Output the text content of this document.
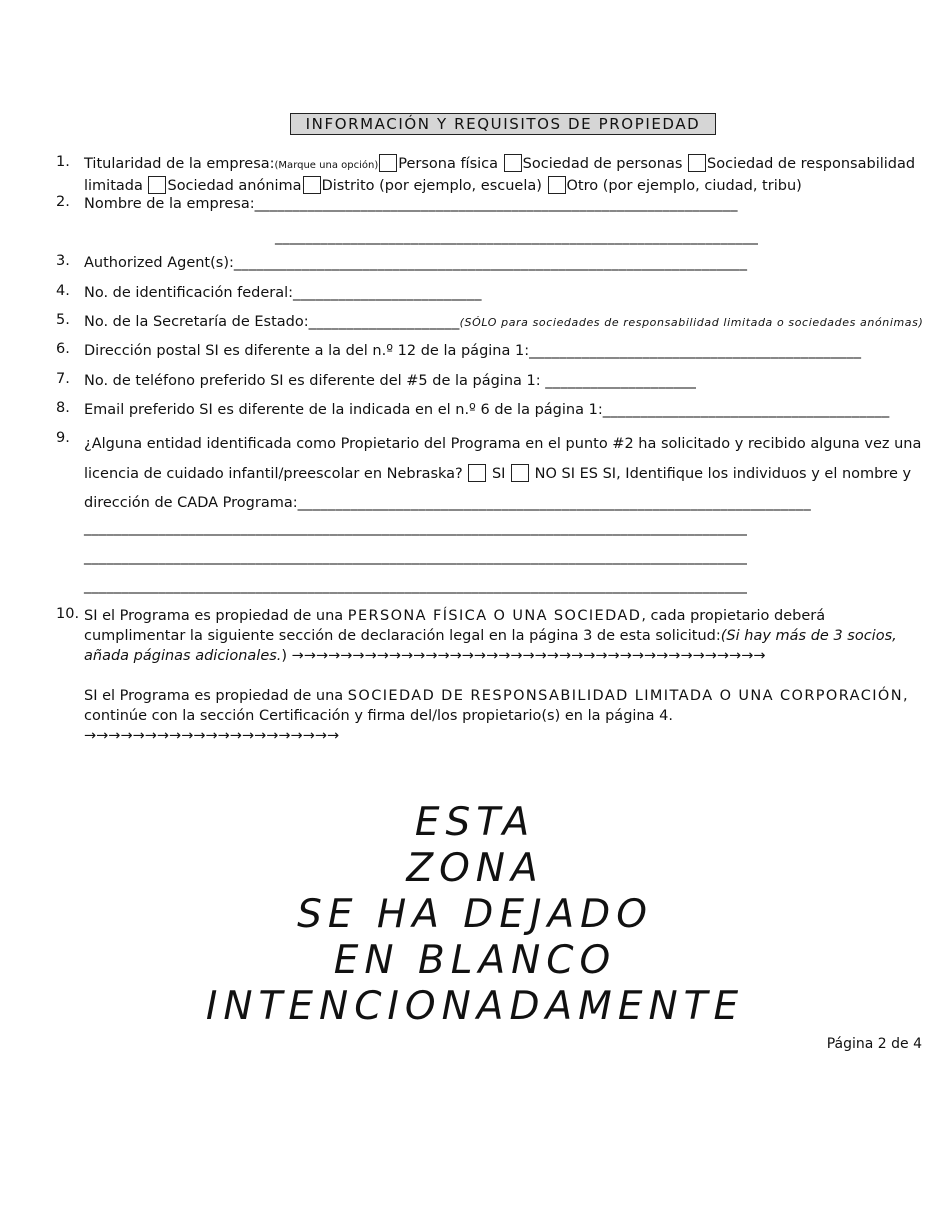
INFORMACIÓN Y REQUISITOS DE PROPIEDAD
1. Titularidad de la empresa:(Marque una opción) Persona física Sociedad de personas Sociedad de responsabilidad limitada Sociedad anónima Distrito (por ejemplo, escuela) Otro (por ejemplo, ciudad, tribu)
2. Nombre de la empresa:________________________________________________________________
________________________________________________________________
3. Authorized Agent(s):____________________________________________________________________
4. No. de identificación federal:_________________________
5. No. de la Secretaría de Estado:____________________(SÓLO para sociedades de responsabilidad limitada o sociedades anónimas)
6. Dirección postal SI es diferente a la del n.º 12 de la página 1:____________________________________________
7. No. de teléfono preferido SI es diferente del #5 de la página 1: ____________________
8. Email preferido SI es diferente de la indicada en el n.º 6 de la página 1:______________________________________
9. ¿Alguna entidad identificada como Propietario del Programa en el punto #2 ha solicitado y recibido alguna vez una
licencia de cuidado infantil/preescolar en Nebraska? SI NO SI ES SI, Identifique los individuos y el nombre y
dirección de CADA Programa:____________________________________________________________________
_________________________________________________________________________________________
_________________________________________________________________________________________
_________________________________________________________________________________________
10. SI el Programa es propiedad de una PERSONA FÍSICA O UNA SOCIEDAD, cada propietario deberá cumplimentar la siguiente sección de declaración legal en la página 3 de esta solicitud:(Si hay más de 3 socios, añada páginas adicionales.) →→→→→→→→→→→→→→→→→→→→→→→→→→→→→→→→→→→→→→→
SI el Programa es propiedad de una SOCIEDAD DE RESPONSABILIDAD LIMITADA O UNA CORPORACIÓN, continúe con la sección Certificación y firma del/los propietario(s) en la página 4.
→→→→→→→→→→→→→→→→→→→→→
ESTA
ZONA
SE HA DEJADO
EN BLANCO
INTENCIONADAMENTE
Página 2 de 4
